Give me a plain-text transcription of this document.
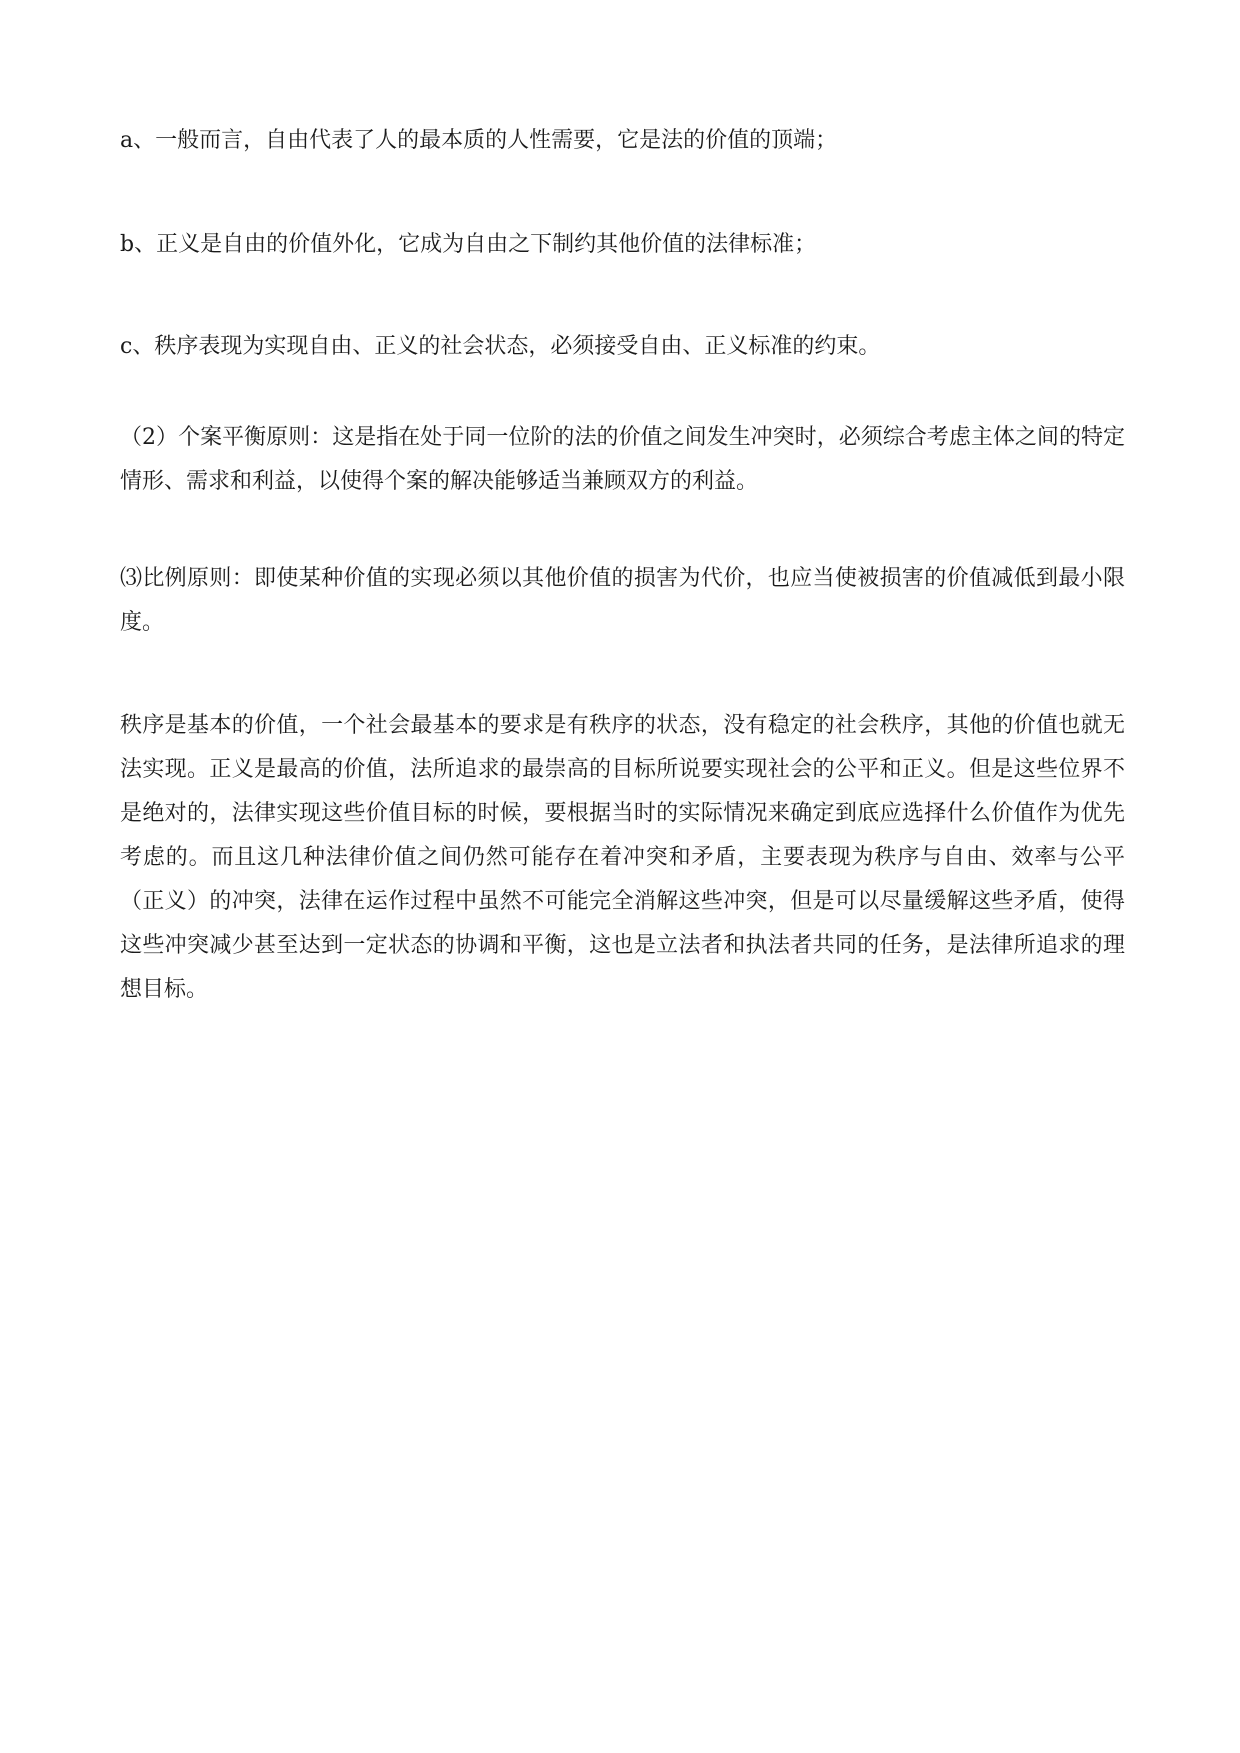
a、一般而言，自由代表了人的最本质的人性需要，它是法的价值的顶端；

b、正义是自由的价值外化，它成为自由之下制约其他价值的法律标准；

c、秩序表现为实现自由、正义的社会状态，必须接受自由、正义标准的约束。

（2）个案平衡原则：这是指在处于同一位阶的法的价值之间发生冲突时，必须综合考虑主体之间的特定情形、需求和利益，以使得个案的解决能够适当兼顾双方的利益。

⑶比例原则：即使某种价值的实现必须以其他价值的损害为代价，也应当使被损害的价值减低到最小限度。

秩序是基本的价值，一个社会最基本的要求是有秩序的状态，没有稳定的社会秩序，其他的价值也就无法实现。正义是最高的价值，法所追求的最崇高的目标所说要实现社会的公平和正义。但是这些位界不是绝对的，法律实现这些价值目标的时候，要根据当时的实际情况来确定到底应选择什么价值作为优先考虑的。而且这几种法律价值之间仍然可能存在着冲突和矛盾，主要表现为秩序与自由、效率与公平（正义）的冲突，法律在运作过程中虽然不可能完全消解这些冲突，但是可以尽量缓解这些矛盾，使得这些冲突减少甚至达到一定状态的协调和平衡，这也是立法者和执法者共同的任务，是法律所追求的理想目标。
